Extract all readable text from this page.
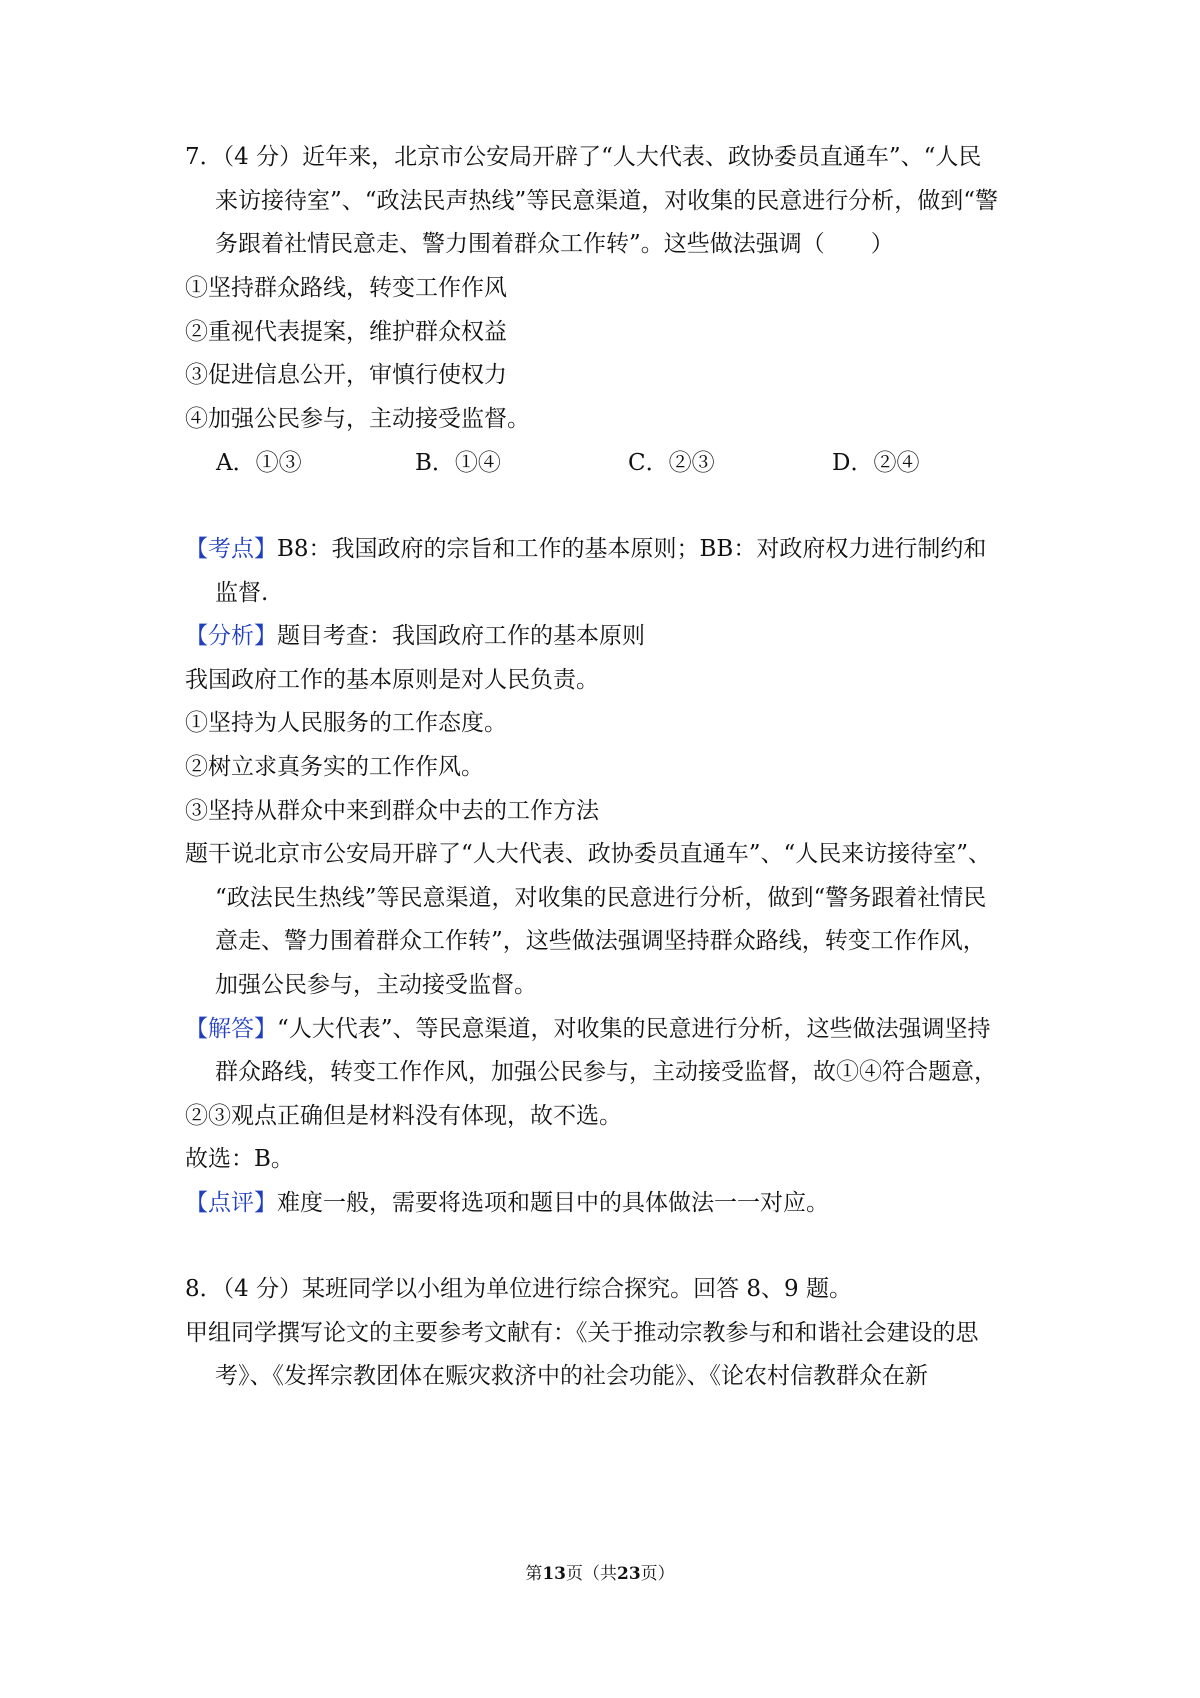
7．（4 分）近年来，北京市公安局开辟了“人大代表、政协委员直通车”、“人民
来访接待室”、“政法民声热线”等民意渠道，对收集的民意进行分析，做到“警
务跟着社情民意走、警力围着群众工作转”。这些做法强调（　　）
①坚持群众路线，转变工作作风
②重视代表提案，维护群众权益
③促进信息公开，审慎行使权力
④加强公民参与，主动接受监督。
A．①③	B．①④	C．②③	D．②④
【考点】B8：我国政府的宗旨和工作的基本原则；BB：对政府权力进行制约和
监督.
【分析】题目考查：我国政府工作的基本原则
我国政府工作的基本原则是对人民负责。
①坚持为人民服务的工作态度。
②树立求真务实的工作作风。
③坚持从群众中来到群众中去的工作方法
题干说北京市公安局开辟了“人大代表、政协委员直通车”、“人民来访接待室”、
“政法民生热线”等民意渠道，对收集的民意进行分析，做到“警务跟着社情民
意走、警力围着群众工作转”，这些做法强调坚持群众路线，转变工作作风，
加强公民参与，主动接受监督。
【解答】“人大代表”、等民意渠道，对收集的民意进行分析，这些做法强调坚持
群众路线，转变工作作风，加强公民参与，主动接受监督，故①④符合题意，
②③观点正确但是材料没有体现，故不选。
故选：B。
【点评】难度一般，需要将选项和题目中的具体做法一一对应。
8．（4 分）某班同学以小组为单位进行综合探究。回答 8、9 题。
甲组同学撰写论文的主要参考文献有：《关于推动宗教参与和和谐社会建设的思
考》、《发挥宗教团体在赈灾救济中的社会功能》、《论农村信教群众在新
第13页（共23页）
